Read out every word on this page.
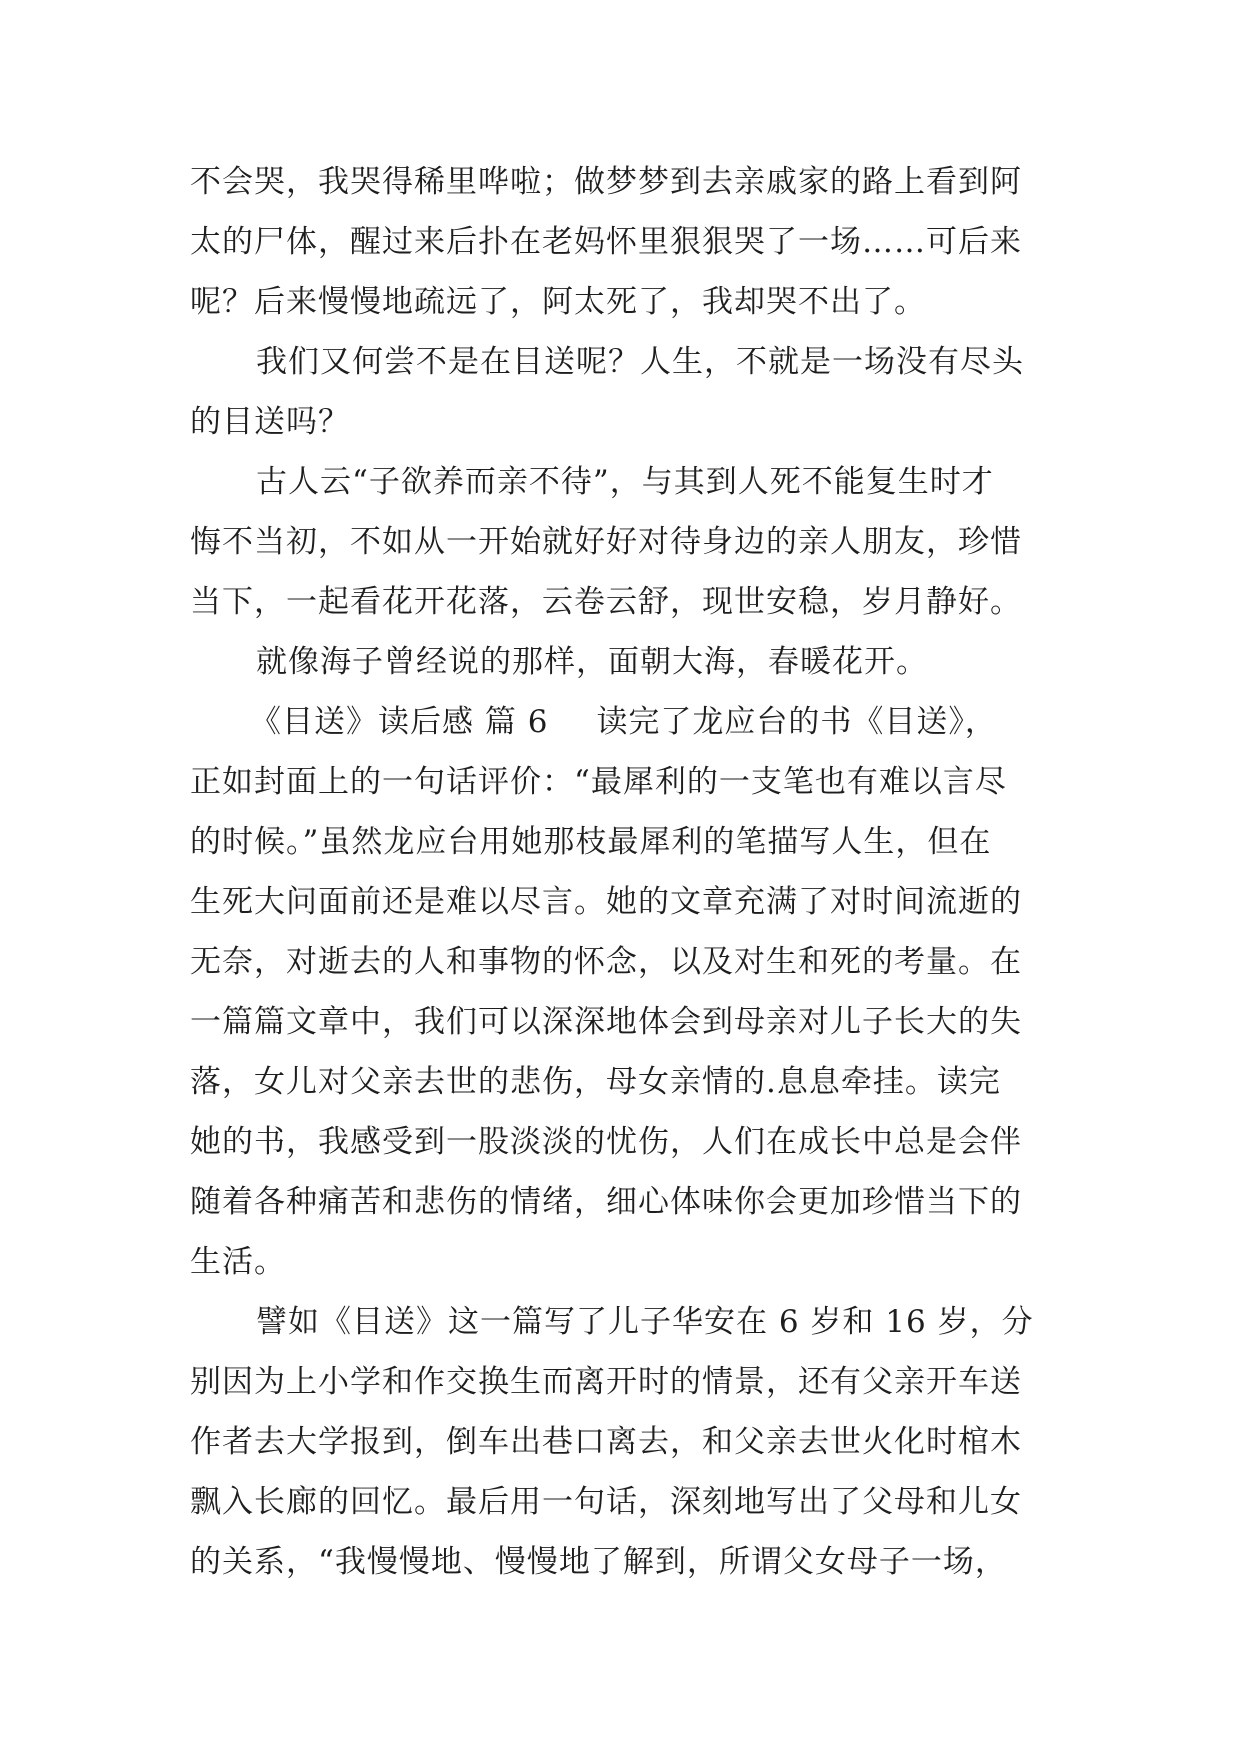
不会哭，我哭得稀里哗啦；做梦梦到去亲戚家的路上看到阿
太的尸体，醒过来后扑在老妈怀里狠狠哭了一场……可后来
呢？后来慢慢地疏远了，阿太死了，我却哭不出了。
我们又何尝不是在目送呢？人生，不就是一场没有尽头
的目送吗？
古人云“子欲养而亲不待”，与其到人死不能复生时才
悔不当初，不如从一开始就好好对待身边的亲人朋友，珍惜
当下，一起看花开花落，云卷云舒，现世安稳，岁月静好。
就像海子曾经说的那样，面朝大海，春暖花开。
《目送》读后感 篇 6 读完了龙应台的书《目送》，
正如封面上的一句话评价：“最犀利的一支笔也有难以言尽
的时候。”虽然龙应台用她那枝最犀利的笔描写人生，但在
生死大问面前还是难以尽言。她的文章充满了对时间流逝的
无奈，对逝去的人和事物的怀念，以及对生和死的考量。在
一篇篇文章中，我们可以深深地体会到母亲对儿子长大的失
落，女儿对父亲去世的悲伤，母女亲情的.息息牵挂。读完
她的书，我感受到一股淡淡的忧伤，人们在成长中总是会伴
随着各种痛苦和悲伤的情绪，细心体味你会更加珍惜当下的
生活。
譬如《目送》这一篇写了儿子华安在 6 岁和 16 岁，分
别因为上小学和作交换生而离开时的情景，还有父亲开车送
作者去大学报到，倒车出巷口离去，和父亲去世火化时棺木
飘入长廊的回忆。最后用一句话，深刻地写出了父母和儿女
的关系，“我慢慢地、慢慢地了解到，所谓父女母子一场，
